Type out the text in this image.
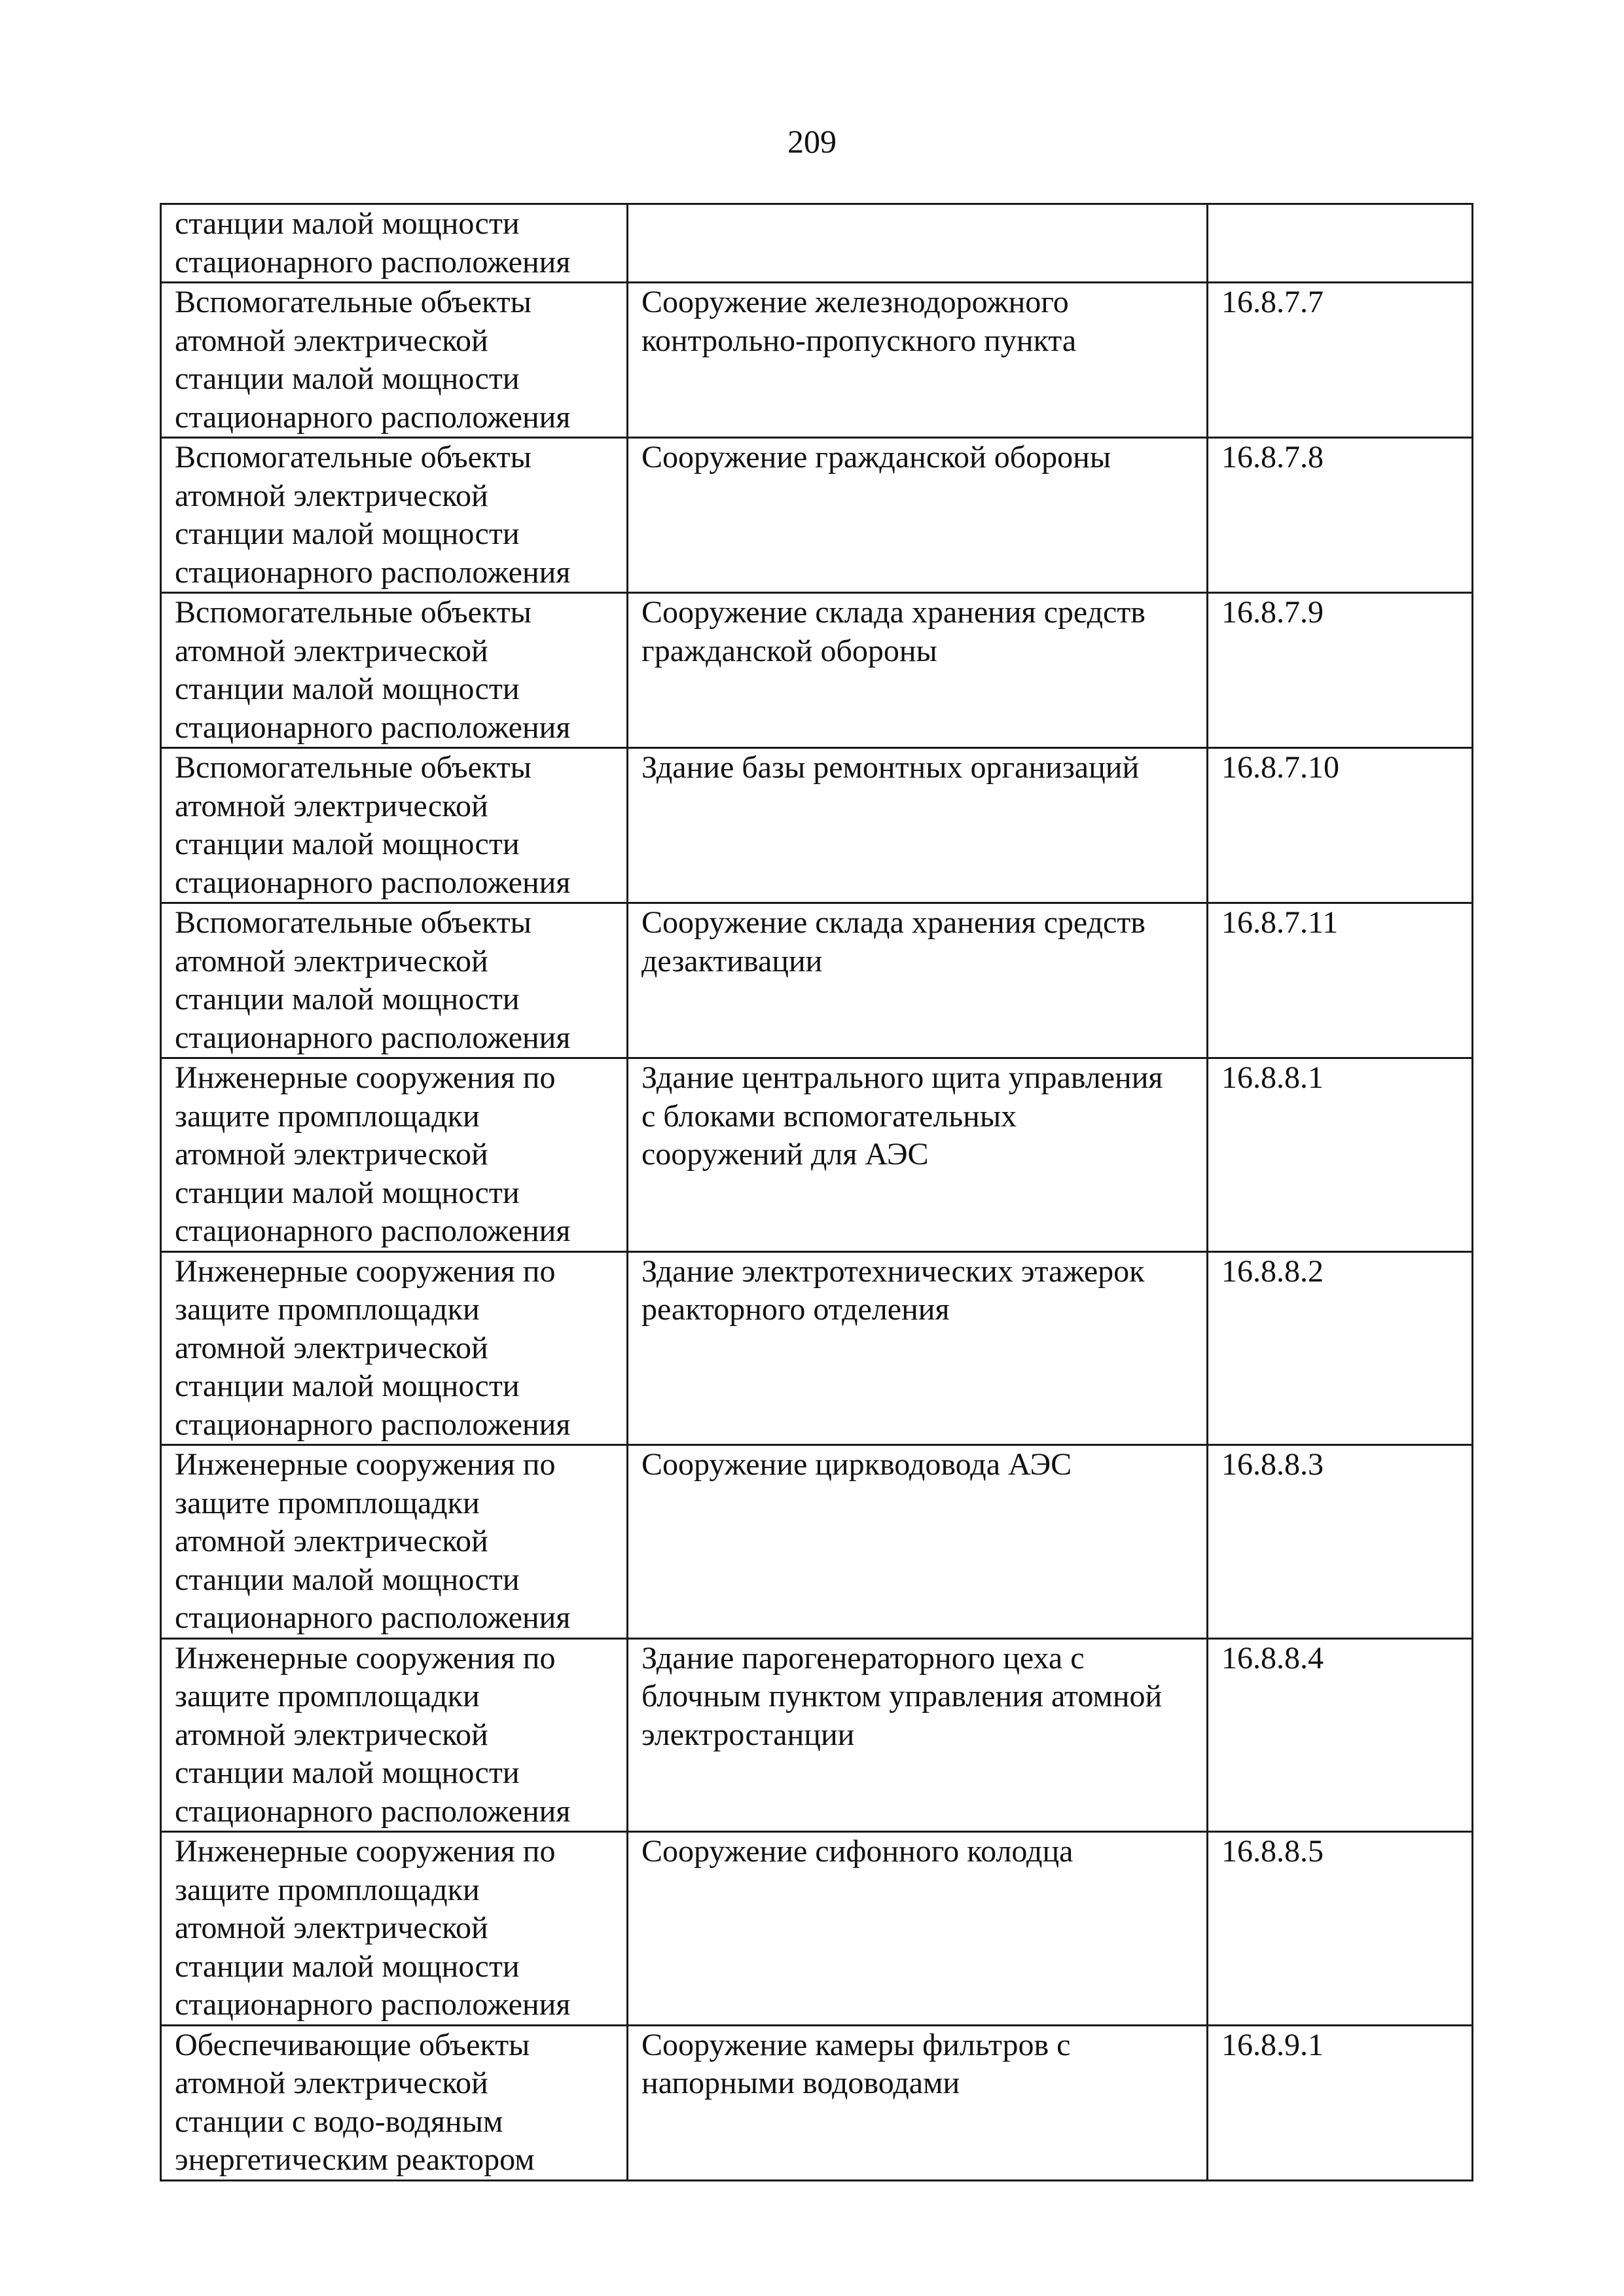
209
станции малой мощности
стационарного расположения		
Вспомогательные объекты
атомной электрической
станции малой мощности
стационарного расположения	Сооружение железнодорожного
контрольно-пропускного пункта	16.8.7.7
Вспомогательные объекты
атомной электрической
станции малой мощности
стационарного расположения	Сооружение гражданской обороны	16.8.7.8
Вспомогательные объекты
атомной электрической
станции малой мощности
стационарного расположения	Сооружение склада хранения средств
гражданской обороны	16.8.7.9
Вспомогательные объекты
атомной электрической
станции малой мощности
стационарного расположения	Здание базы ремонтных организаций	16.8.7.10
Вспомогательные объекты
атомной электрической
станции малой мощности
стационарного расположения	Сооружение склада хранения средств
дезактивации	16.8.7.11
Инженерные сооружения по
защите промплощадки
атомной электрической
станции малой мощности
стационарного расположения	Здание центрального щита управления
с блоками вспомогательных
сооружений для АЭС	16.8.8.1
Инженерные сооружения по
защите промплощадки
атомной электрической
станции малой мощности
стационарного расположения	Здание электротехнических этажерок
реакторного отделения	16.8.8.2
Инженерные сооружения по
защите промплощадки
атомной электрической
станции малой мощности
стационарного расположения	Сооружение циркводовода АЭС	16.8.8.3
Инженерные сооружения по
защите промплощадки
атомной электрической
станции малой мощности
стационарного расположения	Здание парогенераторного цеха с
блочным пунктом управления атомной
электростанции	16.8.8.4
Инженерные сооружения по
защите промплощадки
атомной электрической
станции малой мощности
стационарного расположения	Сооружение сифонного колодца	16.8.8.5
Обеспечивающие объекты
атомной электрической
станции с водо-водяным
энергетическим реактором	Сооружение камеры фильтров с
напорными водоводами	16.8.9.1
